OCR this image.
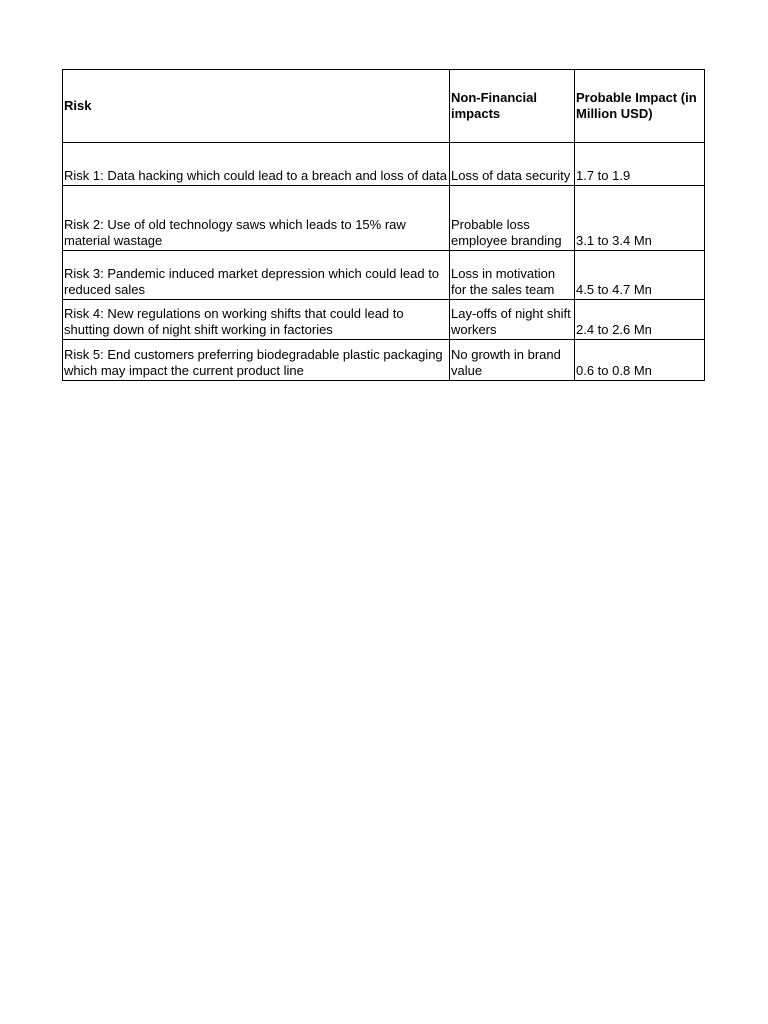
Risk	Non-Financial impacts	Probable Impact (in Million USD)
Risk 1: Data hacking which could lead to a breach and loss of data	Loss of data security	1.7 to 1.9
Risk 2: Use of old technology saws which leads to 15% raw material wastage	Probable loss employee branding	3.1 to 3.4 Mn
Risk 3: Pandemic induced market depression which could lead to reduced sales	Loss in motivation for the sales team	4.5 to 4.7 Mn
Risk 4: New regulations on working shifts that could lead to shutting down of night shift working in factories	Lay-offs of night shift workers	2.4 to 2.6 Mn
Risk 5: End customers preferring biodegradable plastic packaging which may impact the current product line	No growth in brand value	0.6 to 0.8 Mn
